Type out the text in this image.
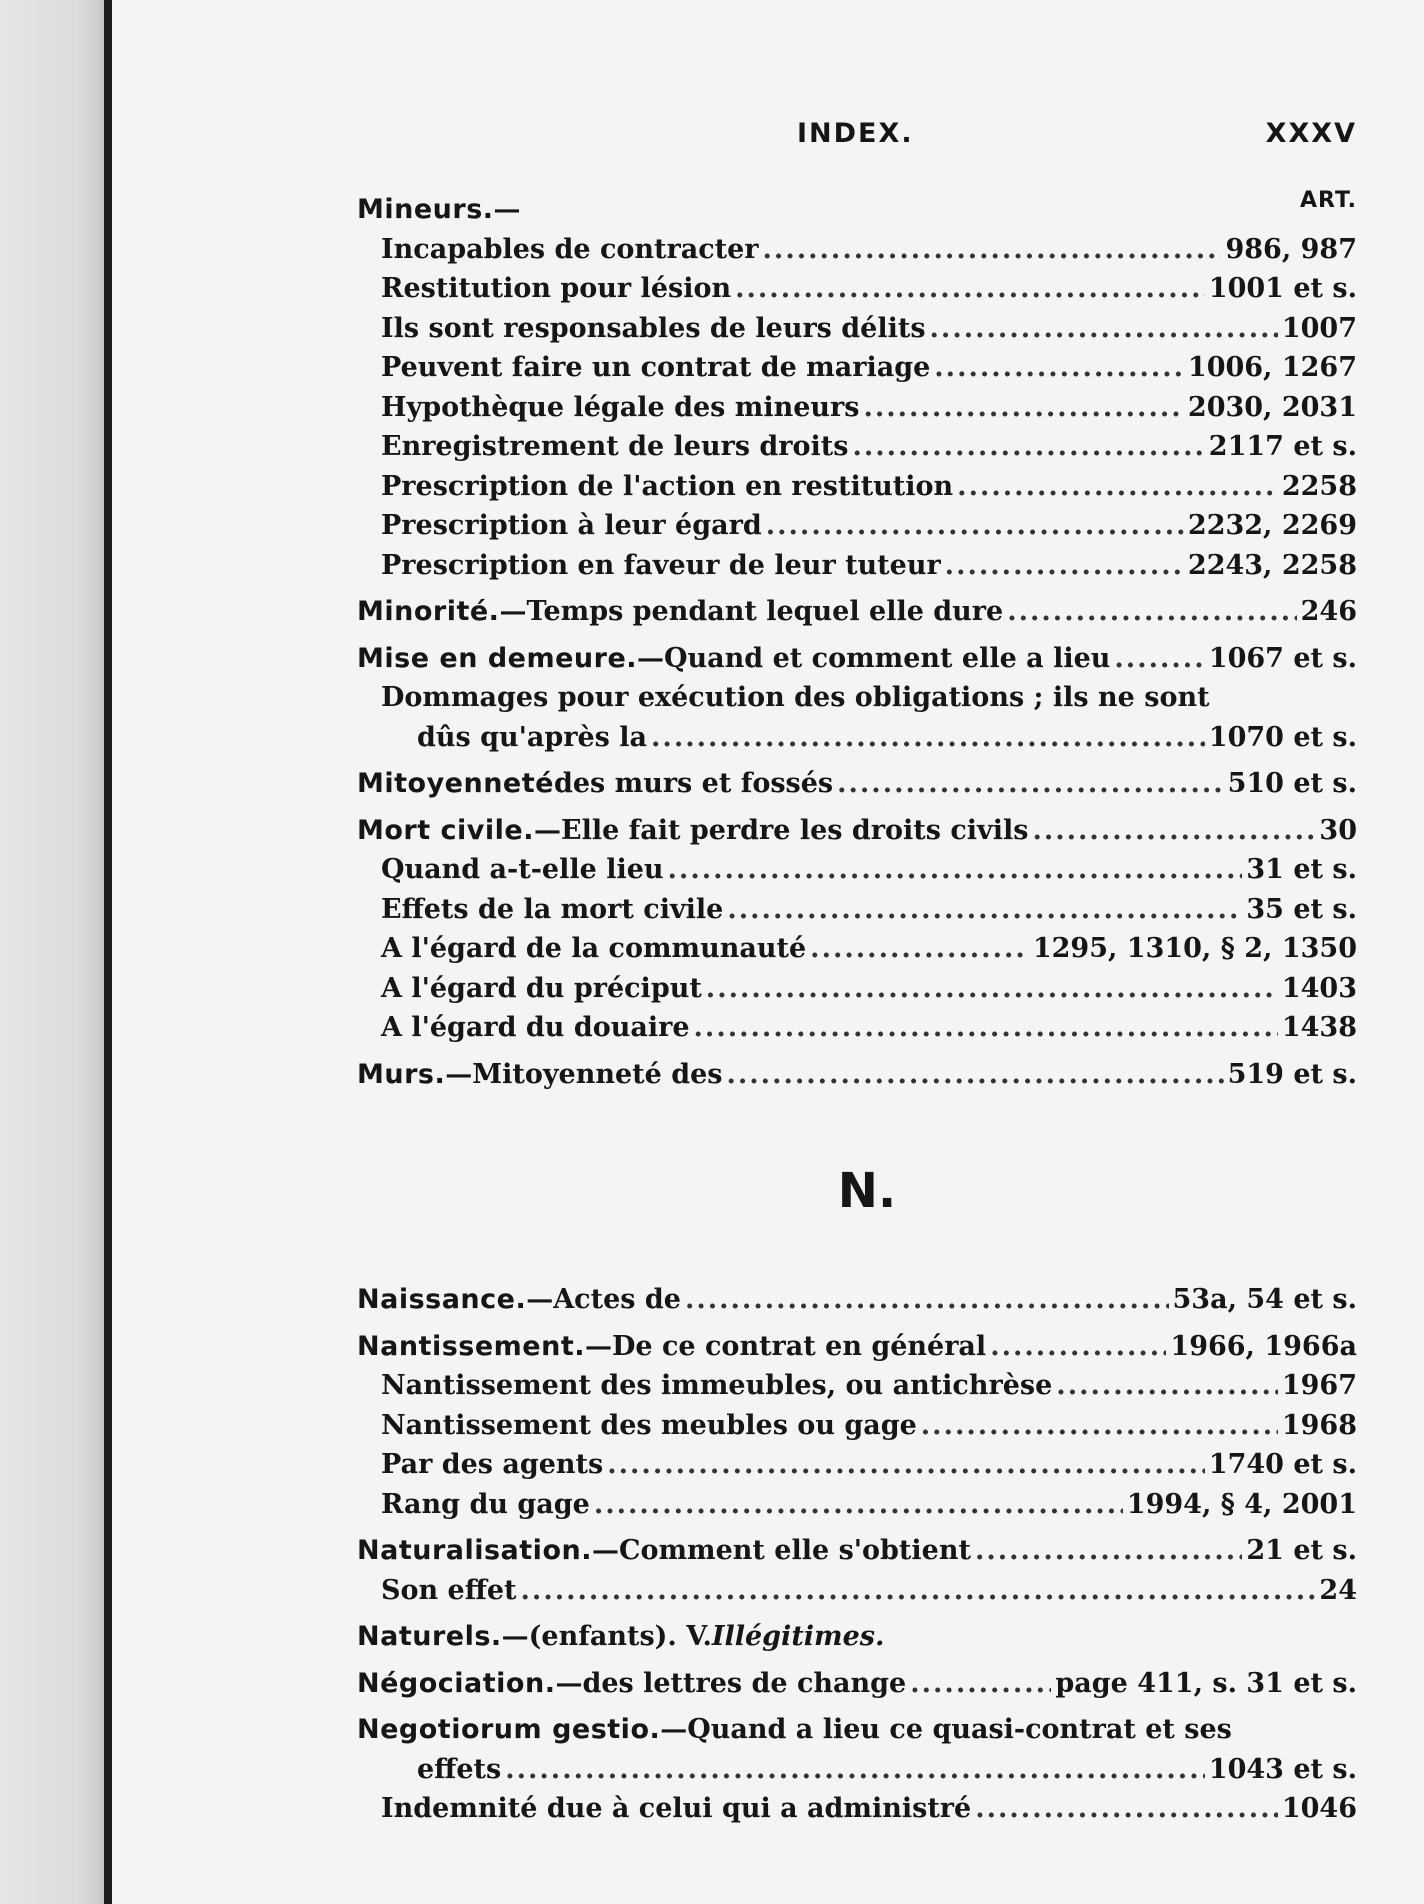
INDEX.	XXXV
ART.
Mineurs. —
Incapables de contracter .....	986, 987
Restitution pour lésion .....	1001 et s.
Ils sont responsables de leurs délits .....	1007
Peuvent faire un contrat de mariage .....	1006, 1267
Hypothèque légale des mineurs .....	2030, 2031
Enregistrement de leurs droits .....	2117 et s.
Prescription de l'action en restitution .....	2258
Prescription à leur égard .....	2232, 2269
Prescription en faveur de leur tuteur .....	2243, 2258
Minorité. —Temps pendant lequel elle dure .....	246
Mise en demeure. —Quand et comment elle a lieu .....	1067 et s.
Dommages pour exécution des obligations ; ils ne sont
dûs qu'après la .....	1070 et s.
Mitoyenneté des murs et fossés .....	510 et s.
Mort civile. —Elle fait perdre les droits civils .....	30
Quand a-t-elle lieu .....	31 et s.
Effets de la mort civile .....	35 et s.
A l'égard de la communauté .....	1295, 1310, § 2, 1350
A l'égard du préciput .....	1403
A l'égard du douaire .....	1438
Murs. —Mitoyenneté des .....	519 et s.
N.
Naissance. —Actes de .....	53a, 54 et s.
Nantissement. —De ce contrat en général .....	1966, 1966a
Nantissement des immeubles, ou antichrèse .....	1967
Nantissement des meubles ou gage .....	1968
Par des agents .....	1740 et s.
Rang du gage .....	1994, § 4, 2001
Naturalisation. —Comment elle s'obtient .....	21 et s.
Son effet .....	24
Naturels. —(enfants). V. Illégitimes.
Négociation. —des lettres de change .....	page 411, s. 31 et s.
Negotiorum gestio. —Quand a lieu ce quasi-contrat et ses
effets .....	1043 et s.
Indemnité due à celui qui a administré .....	1046
